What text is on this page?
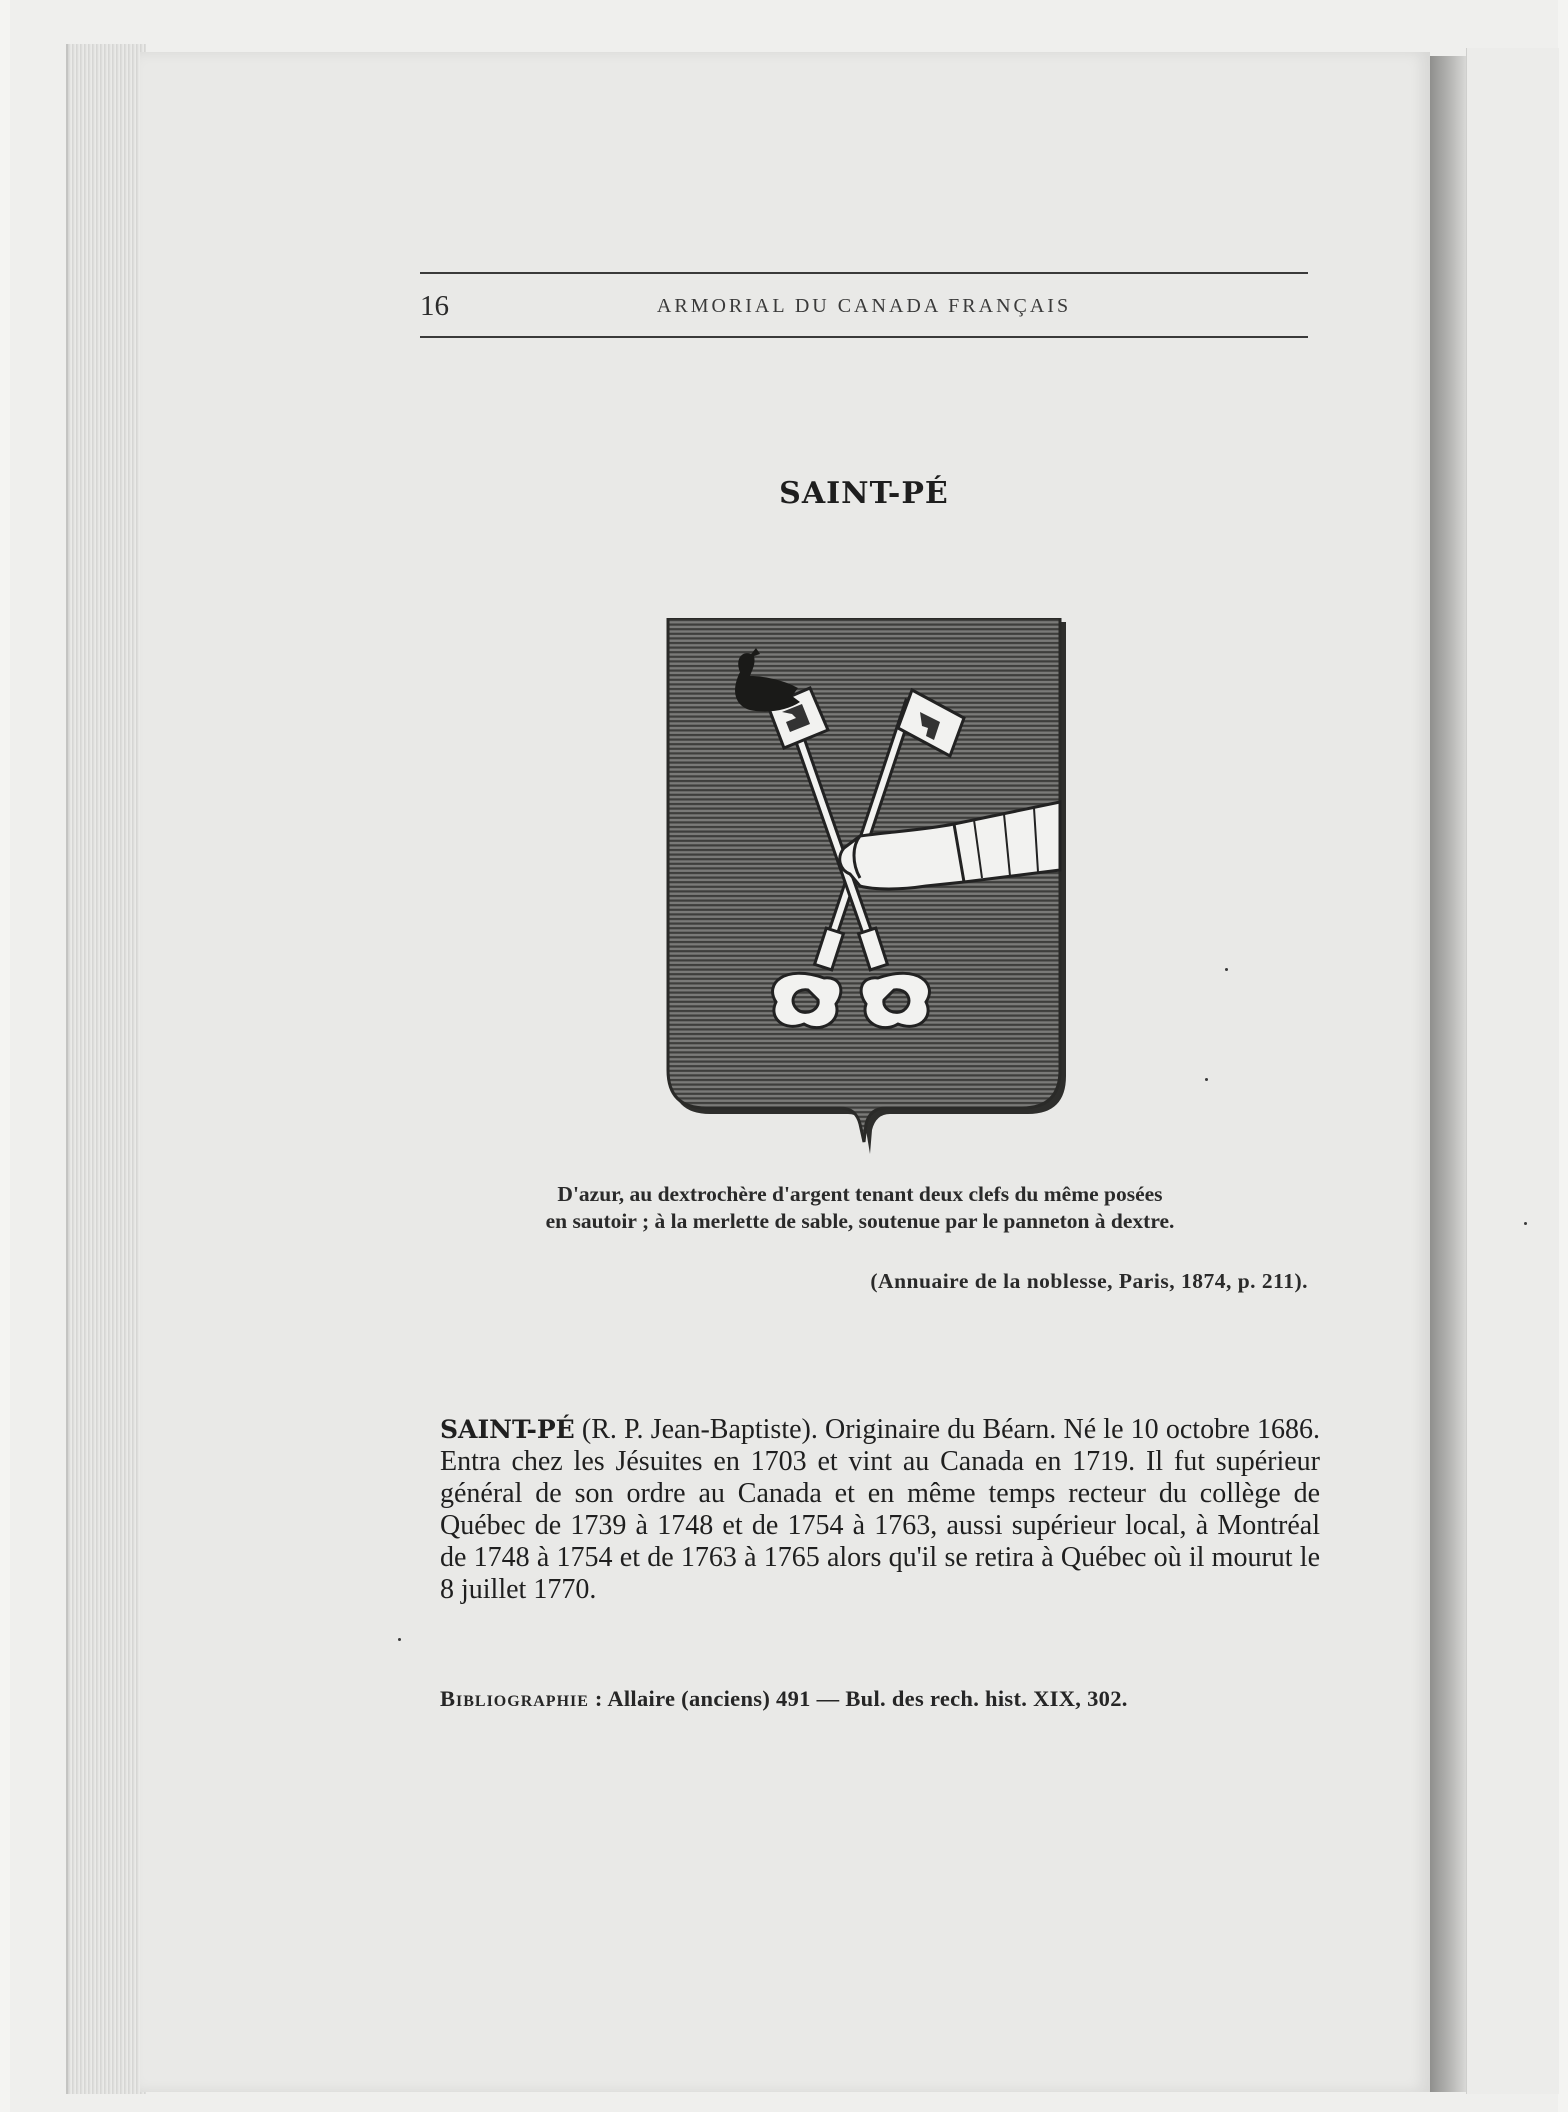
16	ARMORIAL DU CANADA FRANÇAIS
SAINT-PÉ
D'azur, au dextrochère d'argent tenant deux clefs du même posées
en sautoir ; à la merlette de sable, soutenue par le panneton à dextre.
(Annuaire de la noblesse, Paris, 1874, p. 211).
SAINT-PÉ (R. P. Jean-Baptiste). Originaire du Béarn. Né le 10 octobre 1686. Entra chez les Jésuites en 1703 et vint au Canada en 1719. Il fut supérieur général de son ordre au Canada et en même temps recteur du collège de Québec de 1739 à 1748 et de 1754 à 1763, aussi supérieur local, à Montréal de 1748 à 1754 et de 1763 à 1765 alors qu'il se retira à Québec où il mourut le 8 juillet 1770.
Bibliographie : Allaire (anciens) 491 — Bul. des rech. hist. XIX, 302.
